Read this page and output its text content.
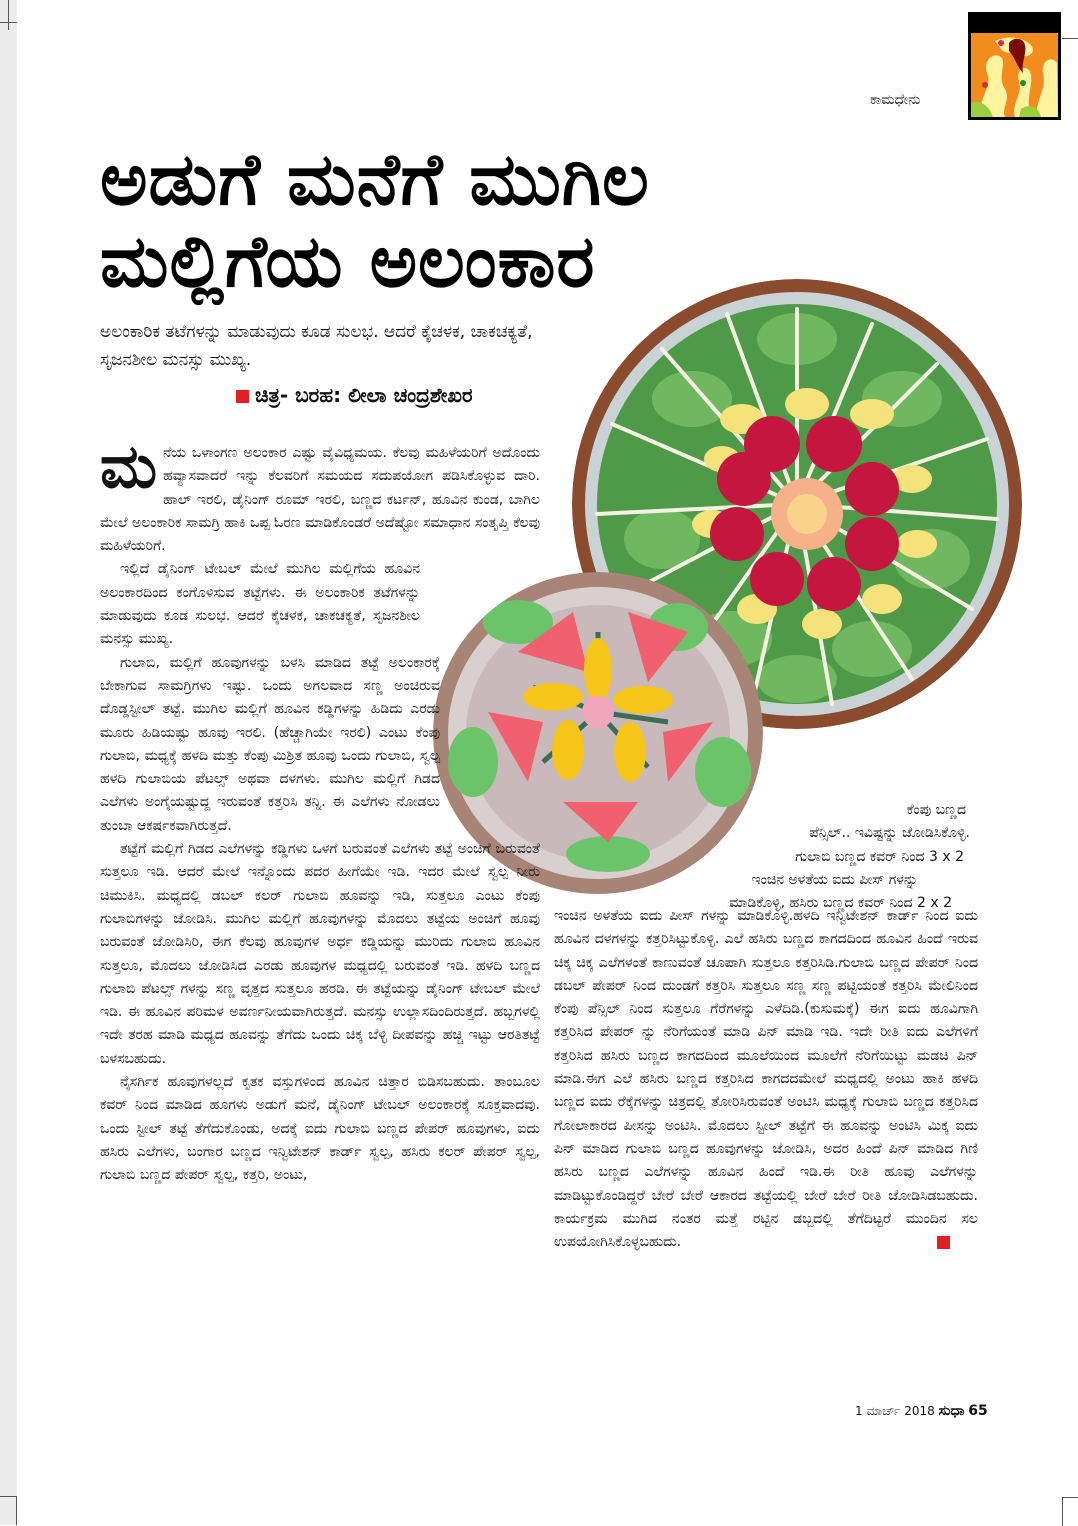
ಕಾಮಧೇನು
ಅಡುಗೆ ಮನೆಗೆ ಮುಗಿಲ
ಮಲ್ಲಿಗೆಯ ಅಲಂಕಾರ

ಅಲಂಕಾರಿಕ ತಟೆಗಳನ್ನು ಮಾಡುವುದು ಕೂಡ ಸುಲಭ. ಆದರೆ ಕೈಚಳಕ, ಚಾಕಚಕ್ಯತೆ, ಸೃಜನಶೀಲ ಮನಸ್ಸು ಮುಖ್ಯ.

ಚಿತ್ರ- ಬರಹ: ಲೀಲಾ ಚಂದ್ರಶೇಖರ

ಮನೆಯ ಒಳಾಂಗಣ ಅಲಂಕಾರ ಎಷ್ಟು ವೈವಿಧ್ಯಮಯ. ಕೆಲವು ಮಹಿಳೆಯರಿಗೆ ಅದೊಂದು ಹವ್ಯಾಸವಾದರೆ ಇನ್ನು ಕೆಲವರಿಗೆ ಸಮಯದ ಸದುಪಯೋಗ ಪಡಿಸಿಕೊಳ್ಳುವ ದಾರಿ. ಹಾಲ್ ಇರಲಿ, ಡೈನಿಂಗ್ ರೂಮ್ ಇರಲಿ, ಬಣ್ಣದ ಕರ್ಟನ್, ಹೂವಿನ ಕುಂಡ, ಬಾಗಿಲ ಮೇಲೆ ಅಲಂಕಾರಿಕ ಸಾಮಗ್ರಿ ಹಾಕಿ ಒಪ್ಪ ಓರಣ ಮಾಡಿಕೊಂಡರೆ ಅದೆಷ್ಟೋ ಸಮಾಧಾನ ಸಂತೃಪ್ತಿ ಕೆಲವು ಮಹಿಳೆಯರಿಗೆ.

ಇಲ್ಲಿದೆ ಡೈನಿಂಗ್ ಟೇಬಲ್ ಮೇಲೆ ಮುಗಿಲ ಮಲ್ಲಿಗೆಯ ಹೂವಿನ ಅಲಂಕಾರದಿಂದ ಕಂಗೊಳಿಸುವ ತಟ್ಟೆಗಳು. ಈ ಅಲಂಕಾರಿಕ ತಟೆಗಳನ್ನು ಮಾಡುವುದು ಕೂಡ ಸುಲಭ. ಆದರೆ ಕೈಚಳಕ, ಚಾಕಚಕ್ಯತೆ, ಸೃಜನಶೀಲ ಮನಸ್ಸು ಮುಖ್ಯ.

ಗುಲಾಬಿ, ಮಲ್ಲಿಗೆ ಹೂವುಗಳನ್ನು ಬಳಸಿ ಮಾಡಿದ ತಟ್ಟೆ ಅಲಂಕಾರಕ್ಕೆ ಬೇಕಾಗುವ ಸಾಮಗ್ರಿಗಳು ಇಷ್ಟು. ಒಂದು ಅಗಲವಾದ ಸಣ್ಣ ಅಂಚಿರುವ ದೊಡ್ಡಸ್ಟೀಲ್ ತಟ್ಟೆ. ಮುಗಿಲ ಮಲ್ಲಿಗೆ ಹೂವಿನ ಕಡ್ಡಿಗಳನ್ನು ಹಿಡಿದು ಎರಡು ಮೂರು ಹಿಡಿಯಷ್ಟು ಹೂವು ಇರಲಿ. (ಹೆಚ್ಚಾಗಿಯೇ ಇರಲಿ) ಎಂಟು ಕೆಂಪು ಗುಲಾಬಿ, ಮಧ್ಯಕ್ಕೆ ಹಳದಿ ಮತ್ತು ಕೆಂಪು ಮಿಶ್ರಿತ ಹೂವು ಒಂದು ಗುಲಾಬಿ, ಸ್ವಲ್ಪ ಹಳದಿ ಗುಲಾಬಿಯ ಪೆಟಲ್ಸ್ ಅಥವಾ ದಳಗಳು. ಮುಗಿಲ ಮಲ್ಲಿಗೆ ಗಿಡದ ಎಲೆಗಳು ಅಂಗೈಯಷ್ಟುದ್ದ ಇರುವಂತೆ ಕತ್ತರಿಸಿ ತನ್ನಿ. ಈ ಎಲೆಗಳು ನೋಡಲು ತುಂಬಾ ಆಕರ್ಷಕವಾಗಿರುತ್ತದೆ.

ತಟ್ಟೆಗೆ ಮಲ್ಲಿಗೆ ಗಿಡದ ಎಲೆಗಳನ್ನು ಕಡ್ಡಿಗಳು ಒಳಗೆ ಬರುವಂತೆ ಎಲೆಗಳು ತಟ್ಟೆ ಅಂಚಿಗೆ ಬರುವಂತೆ ಸುತ್ತಲೂ ಇಡಿ. ಆದರೆ ಮೇಲೆ ಇನ್ನೊಂದು ಪದರ ಹೀಗೆಯೇ ಇಡಿ. ಇದರ ಮೇಲೆ ಸ್ವಲ್ಪ ನೀರು ಚಿಮುಕಿಸಿ. ಮಧ್ಯದಲ್ಲಿ ಡಬಲ್ ಕಲರ್ ಗುಲಾಬಿ ಹೂವನ್ನು ಇಡಿ, ಸುತ್ತಲೂ ಎಂಟು ಕೆಂಪು ಗುಲಾಬಿಗಳನ್ನು ಜೋಡಿಸಿ. ಮುಗಿಲ ಮಲ್ಲಿಗೆ ಹೂವುಗಳನ್ನು ಮೊದಲು ತಟ್ಟೆಯ ಅಂಚಿಗೆ ಹೂವು ಬರುವಂತೆ ಜೋಡಿಸಿರಿ, ಈಗ ಕೆಲವು ಹೂವುಗಳ ಅರ್ಧ ಕಡ್ಡಿಯನ್ನು ಮುರಿದು ಗುಲಾಬಿ ಹೂವಿನ ಸುತ್ತಲೂ, ಮೊದಲು ಜೋಡಿಸಿದ ಎರಡು ಹೂವುಗಳ ಮಧ್ಯದಲ್ಲಿ ಬರುವಂತೆ ಇಡಿ. ಹಳದಿ ಬಣ್ಣದ ಗುಲಾಬಿ ಪೆಟಲ್ಸ್ ಗಳನ್ನು ಸಣ್ಣ ವೃತ್ತದ ಸುತ್ತಲೂ ಹರಡಿ. ಈ ತಟ್ಟೆಯನ್ನು ಡೈನಿಂಗ್ ಟೇಬಲ್ ಮೇಲೆ ಇಡಿ. ಈ ಹೂವಿನ ಪರಿಮಳ ಅವರ್ಣನೀಯವಾಗಿರುತ್ತದೆ. ಮನಸ್ಸು ಉಲ್ಲಾಸದಿಂದಿರುತ್ತದೆ. ಹಬ್ಬಗಳಲ್ಲಿ ಇದೇ ತರಹ ಮಾಡಿ ಮಧ್ಯದ ಹೂವನ್ನು ತೆಗೆದು ಒಂದು ಚಿಕ್ಕ ಬೆಳ್ಳಿ ದೀಪವನ್ನು ಹಚ್ಚಿ ಇಟ್ಟು ಆರತಿತಟ್ಟೆ ಬಳಸಬಹುದು.

ನೈಸರ್ಗಿಕ ಹೂವುಗಳಲ್ಲದೆ ಕೃತಕ ವಸ್ತುಗಳಿಂದ ಹೂವಿನ ಚಿತ್ತಾರ ಬಿಡಿಸಬಹುದು. ತಾಂಬೂಲ ಕವರ್ ನಿಂದ ಮಾಡಿದ ಹೂಗಳು ಅಡುಗೆ ಮನೆ, ಡೈನಿಂಗ್ ಟೇಬಲ್ ಅಲಂಕಾರಕ್ಕೆ ಸೂಕ್ತವಾದವು. ಒಂದು ಸ್ಟೀಲ್ ತಟ್ಟೆ ತೆಗೆದುಕೊಂಡು, ಅದಕ್ಕೆ ಐದು ಗುಲಾಬಿ ಬಣ್ಣದ ಪೇಪರ್ ಹೂವುಗಳು, ಐದು ಹಸಿರು ಎಲೆಗಳು, ಬಂಗಾರ ಬಣ್ಣದ ಇನ್ವಿಟೇಶನ್ ಕಾರ್ಡ್ ಸ್ವಲ್ಪ, ಹಸಿರು ಕಲರ್ ಪೇಪರ್ ಸ್ವಲ್ಪ, ಗುಲಾಬಿ ಬಣ್ಣದ ಪೇಪರ್ ಸ್ವಲ್ಪ, ಕತ್ತರಿ, ಅಂಟು,

ಕೆಂಪು ಬಣ್ಣದ
ಪೆನ್ಸಿಲ್.. ಇವಿಷ್ಟನ್ನು ಜೋಡಿಸಿಕೊಳ್ಳಿ.
ಗುಲಾಬಿ ಬಣ್ಣದ ಕವರ್ ನಿಂದ 3 x 2
ಇಂಚಿನ ಅಳತೆಯ ಐದು ಪೀಸ್ ಗಳನ್ನು
ಮಾಡಿಕೊಳ್ಳಿ, ಹಸಿರು ಬಣ್ಣದ ಕವರ್ ನಿಂದ 2 x 2

ಇಂಚಿನ ಅಳತೆಯ ಐದು ಪೀಸ್ ಗಳನ್ನು ಮಾಡಿಕೊಳ್ಳಿ.ಹಳದಿ ಇನ್ವಿಟೇಶನ್ ಕಾರ್ಡ್ ನಿಂದ ಐದು ಹೂವಿನ ದಳಗಳನ್ನು ಕತ್ತರಿಸಿಟ್ಟುಕೊಳ್ಳಿ. ಎಲೆ ಹಸಿರು ಬಣ್ಣದ ಕಾಗದದಿಂದ ಹೂವಿನ ಹಿಂದೆ ಇರುವ ಚಿಕ್ಕ ಚಿಕ್ಕ ಎಲೆಗಳಂತೆ ಕಾಣುವಂತೆ ಚೂಪಾಗಿ ಸುತ್ತಲೂ ಕತ್ತರಿಸಿಡಿ.ಗುಲಾಬಿ ಬಣ್ಣದ ಪೇಪರ್ ನಿಂದ ಡಬಲ್ ಪೇಪರ್ ನಿಂದ ದುಂಡಗೆ ಕತ್ತರಿಸಿ ಸುತ್ತಲೂ ಸಣ್ಣ ಸಣ್ಣ ಪಟ್ಟಿಯಂತೆ ಕತ್ತರಿಸಿ ಮೇಲಿನಿಂದ ಕೆಂಪು ಪೆನ್ಸಿಲ್ ನಿಂದ ಸುತ್ತಲೂ ಗೆರೆಗಳನ್ನು ಎಳೆದಿಡಿ.(ಕುಸುಮಕ್ಕೆ) ಈಗ ಐದು ಹೂವಿಗಾಗಿ ಕತ್ತರಿಸಿದ ಪೇಪರ್ ನ್ನು ನೆರಿಗೆಯಂತೆ ಮಾಡಿ ಪಿನ್ ಮಾಡಿ ಇಡಿ. ಇದೇ ರೀತಿ ಐದು ಎಲೆಗಳಿಗೆ ಕತ್ತರಿಸಿದ ಹಸಿರು ಬಣ್ಣದ ಕಾಗದದಿಂದ ಮೂಲೆಯಿಂದ ಮೂಲೆಗೆ ನೆರಿಗೆಯಿಟ್ಟು ಮಡಚಿ ಪಿನ್ ಮಾಡಿ.ಈಗ ಎಲೆ ಹಸಿರು ಬಣ್ಣದ ಕತ್ತರಿಸಿದ ಕಾಗದದಮೇಲೆ ಮಧ್ಯದಲ್ಲಿ ಅಂಟು ಹಾಕಿ ಹಳದಿ ಬಣ್ಣದ ಐದು ರೆಕ್ಕೆಗಳನ್ನು ಚಿತ್ರದಲ್ಲಿ ತೋರಿಸಿರುವಂತೆ ಅಂಟಿಸಿ ಮಧ್ಯಕ್ಕೆ ಗುಲಾಬಿ ಬಣ್ಣದ ಕತ್ತರಿಸಿದ ಗೋಲಾಕಾರದ ಪೀಸನ್ನು ಅಂಟಿಸಿ. ಮೊದಲು ಸ್ಟೀಲ್ ತಟ್ಟೆಗೆ ಈ ಹೂವನ್ನು ಅಂಟಿಸಿ ಮಿಕ್ಕ ಐದು ಪಿನ್ ಮಾಡಿದ ಗುಲಾಬಿ ಬಣ್ಣದ ಹೂವುಗಳನ್ನು ಜೋಡಿಸಿ, ಅದರ ಹಿಂದೆ ಪಿನ್ ಮಾಡಿದ ಗಿಣಿ ಹಸಿರು ಬಣ್ಣದ ಎಲೆಗಳನ್ನು ಹೂವಿನ ಹಿಂದೆ ಇಡಿ.ಈ ರೀತಿ ಹೂವು ಎಲೆಗಳನ್ನು ಮಾಡಿಟ್ಟುಕೊಂಡಿದ್ದರೆ ಬೇರೆ ಬೇರೆ ಆಕಾರದ ತಟ್ಟೆಯಲ್ಲಿ ಬೇರೆ ಬೇರೆ ರೀತಿ ಜೋಡಿಸಿಡಬಹುದು. ಕಾರ್ಯಕ್ರಮ ಮುಗಿದ ನಂತರ ಮತ್ತೆ ರಟ್ಟಿನ ಡಬ್ಬದಲ್ಲಿ ತೆಗೆದಿಟ್ಟರೆ ಮುಂದಿನ ಸಲ ಉಪಯೋಗಿಸಿಕೊಳ್ಳಬಹುದು.

1 ಮಾರ್ಚ್ 2018 ಸುಧಾ 65
